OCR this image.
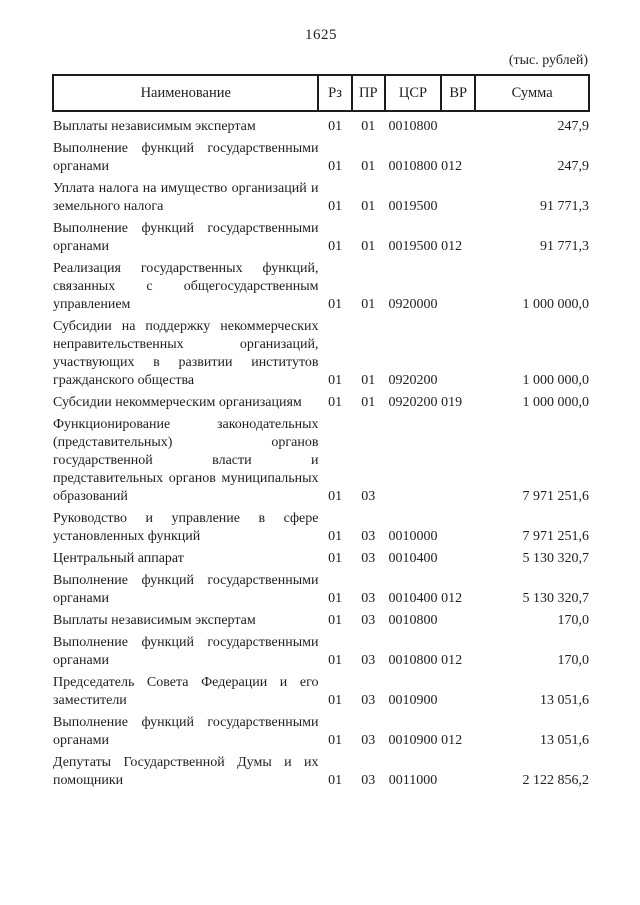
1625
(тыс. рублей)
Наименование	Рз	ПР	ЦСР	ВР	Сумма
Выплаты независимым экспертам	01	01	0010800		247,9
Выполнение функций государственными органами	01	01	0010800	012	247,9
Уплата налога на имущество организаций и земельного налога	01	01	0019500		91 771,3
Выполнение функций государственными органами	01	01	0019500	012	91 771,3
Реализация государственных функций, связанных с общегосударственным управлением	01	01	0920000		1 000 000,0
Субсидии на поддержку некоммерческих неправительственных организаций, участвующих в развитии институтов гражданского общества	01	01	0920200		1 000 000,0
Субсидии некоммерческим организациям	01	01	0920200	019	1 000 000,0
Функционирование законодательных (представительных) органов государственной власти и представительных органов муниципальных образований	01	03			7 971 251,6
Руководство и управление в сфере установленных функций	01	03	0010000		7 971 251,6
Центральный аппарат	01	03	0010400		5 130 320,7
Выполнение функций государственными органами	01	03	0010400	012	5 130 320,7
Выплаты независимым экспертам	01	03	0010800		170,0
Выполнение функций государственными органами	01	03	0010800	012	170,0
Председатель Совета Федерации и его заместители	01	03	0010900		13 051,6
Выполнение функций государственными органами	01	03	0010900	012	13 051,6
Депутаты Государственной Думы и их помощники	01	03	0011000		2 122 856,2
